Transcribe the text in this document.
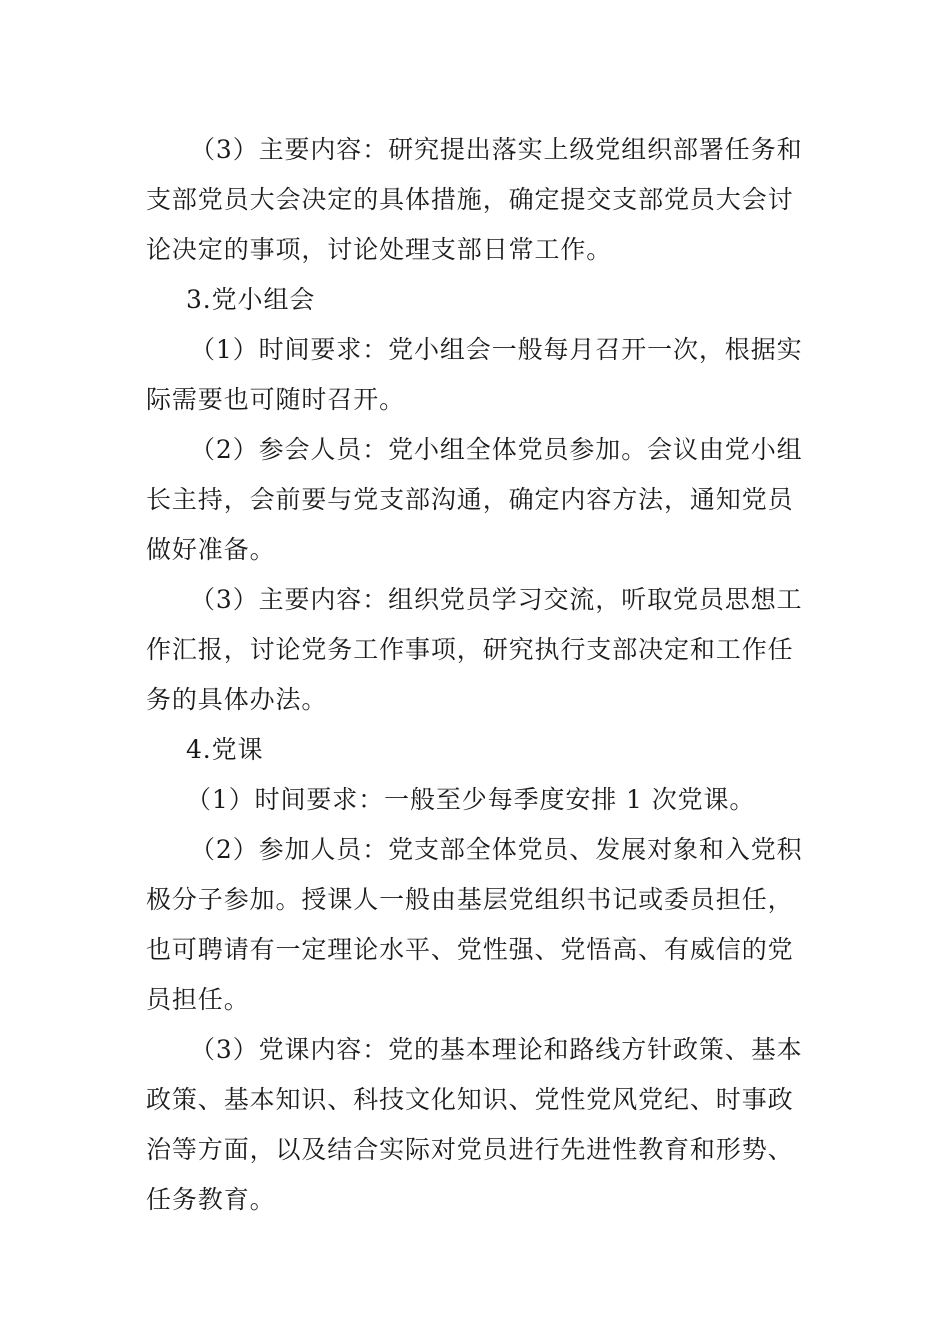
（3）主要内容：研究提出落实上级党组织部署任务和
支部党员大会决定的具体措施，确定提交支部党员大会讨
论决定的事项，讨论处理支部日常工作。
3.党小组会
（1）时间要求：党小组会一般每月召开一次，根据实
际需要也可随时召开。
（2）参会人员：党小组全体党员参加。会议由党小组
长主持，会前要与党支部沟通，确定内容方法，通知党员
做好准备。
（3）主要内容：组织党员学习交流，听取党员思想工
作汇报，讨论党务工作事项，研究执行支部决定和工作任
务的具体办法。
4.党课
（1）时间要求：一般至少每季度安排 1 次党课。
（2）参加人员：党支部全体党员、发展对象和入党积
极分子参加。授课人一般由基层党组织书记或委员担任，
也可聘请有一定理论水平、党性强、党悟高、有威信的党
员担任。
（3）党课内容：党的基本理论和路线方针政策、基本
政策、基本知识、科技文化知识、党性党风党纪、时事政
治等方面，以及结合实际对党员进行先进性教育和形势、
任务教育。
